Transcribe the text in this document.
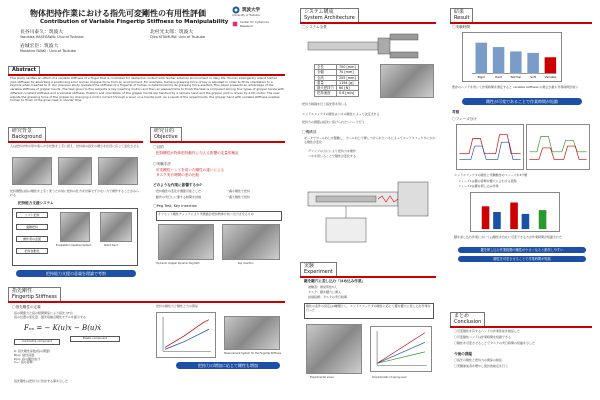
物体把持作業における指先可変剛性の有用性評価
Contribution of Variable Fingertip Stiffness to Manipulability
長谷川泰久：筑波大
Yasuhisa HASEGAWA: Univ.of Tsukuba
北村光太郎：筑波大
Ojiro KITAMURA: Univ.of Tsukuba
岩城宏臣：筑波大
Masahiro IWAKI : Univ.of Tsukuba
筑波大学
University of Tsukuba
Center for Cybernics Research
Abstract
This study verifies an effect of a variable stiffness of a finger that is controlled for dexterous contact with his/her external environment in daily life. Human intelligently adjust his/her joint stiffness for absorbing a positioning error and an impulse force from an environment. For example, humans grasping force of key is adjusted in order to fit its orientation to a keyhole when inserted to it. Our previous study revealed the stiffness of a fingertip of human is determined by its grasping force exerted. This paper presents an advantage of the variable stiffness of gripper hands. The task given to five subjects is key inserting motion and then an elapsed time to finish the task is compared among four types of gripper hands with different constant stiffness and a variable stiffness. Position and orientation of the gripper hands are handled by a camera hand and the gripper joint is driven by a DC motor. The user adjusts the grasping force of the gripper by changing a motor current through a lever on a handle part. As a result of the experiments, the gripper hand with variable stiffness enables human to finish of the given task in shorter time.
研究背景
Background
人は把持対象の形や柔らかさ状態を上手に捉え、把持時の指先の硬さを状況に応じて変化させる
把持調整は指の剛性を上手く使うため常に把持の仕方を計算せず少ない力で操作することがみられる
把持能力支援システム
ソフト把持
遠隔把持
操作者の意図
把持自動化
Exoskeleton Assistive System	Robot hand
把持能力支援の意義を理論で考察
研究目的
Objective
〇目的
把持剛性が物体把持動作に与える影響の定量的検証
〇実験手法
可変剛性ハンドを用いた剛性の違いによる
タスク実行時間の差の比較
どのような作業に影響するか?
把持剛性の変化を調節可能とした	一番小剛性で把持
動作の実行にに要する時間を評価	一番大剛性で把持
〇Peg Test, Key Insertion
オフセット剛性チェックにより実測値が把持物体方向へ出力させるもの
Hydraulic Gripper Dynamic Peg Path	Key insertion
指先剛性
Fingertip Stiffness
〇指先剛性の定義
指の関節力と指の相関関係により指先力Fが
指の位置の変化量、値先接触点剛性モデルを提示する
Fₙₓ = − K(u)x − B(u)ẋ
Contractile component
Elastic component
K: 指先剛性係数(指の関節)
B(u): 粘性係数
K(u): 指の剛性成分
Cₙₓ: 指の姿勢
指先剛性は把持力に依存する事を示した
把持の剛性力と剛性と力の関係
Measurement System for the Fingertip Stiffness
把持力の増加に応じて剛性も増加
システム構成
System Architecture
〇システム全景
全長	700 [mm]
全幅	70 [mm]
全高	205 [mm]
重量	1194 [g]
最大把持力	60 [N]
把持速度	0.8 [m/s]
把持力制御を行う指先部を用いる
エンドエフェクタの剛性はバネの剛性によって決定される
把持力の調節は指先に設けられたレバーで行う
〇機構部
モータでボールねじを駆動し、ボールねじで押しつけられたバネによってエンドエフェクタにかかる剛性が変化
グリップの力ににより把持力を操作
バネを用いることで剛性が変化する
実験
Experiment
鍵を鍵穴に差し込む「はめ込み作業」
被験者：健常男性5人
タスク：鍵を鍵穴に挿入
評価指標：タスクの実行時間
剛性の条件の設定は4種類とし、エンドエフェクタの剛性に応じて鍵を鍵穴に差し込む作業を行った
Experimental scene	Characteristic of spring used
結果
Result
〇実験時間
Rigid	Hard	Normal	Soft	Variable
既存のハンドを用いて作業時間を測定すると variable stiffness の場合が最も作業時間が短い
剛性が可変であることで作業時間が短縮
考察
〇フェーズ分け
エンドエフェクタの剛性と実験動作のフェーズを3分類
フェーズ1は鍵の姿勢を鍵穴に合わせる段階
フェーズ2は鍵を押し込み作業
鍵を差し込む作業においては剛性を自在に可変できる方が作業時間が短縮された
鍵を押し込む作業段階の剛性が小さくなると動作しやすい
剛性を可変させることで作業時間が短縮
まとめ
Conclusion
〇可変剛性を有するハンドの作業性能を検証した
〇可変剛性ハンドは作業時間を短縮できる
〇剛性を可変させることでタスクの実行時間の短縮を示した
今後の課題
〇指先の剛性と把持力の関係の検証
〇実験参加者を増やし統計的検定を行う
